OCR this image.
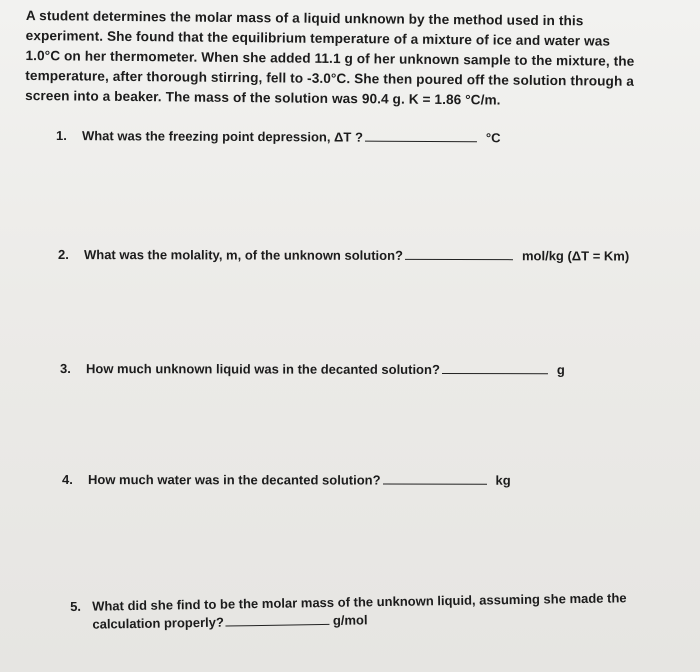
A student determines the molar mass of a liquid unknown by the method used in this
experiment. She found that the equilibrium temperature of a mixture of ice and water was
1.0°C on her thermometer. When she added 11.1 g of her unknown sample to the mixture, the
temperature, after thorough stirring, fell to -3.0°C. She then poured off the solution through a
screen into a beaker. The mass of the solution was 90.4 g. K = 1.86 °C/m.
1. What was the freezing point depression, ΔT ?	°C
2. What was the molality, m, of the unknown solution?	mol/kg (ΔT = Km)
3. How much unknown liquid was in the decanted solution?	g
4. How much water was in the decanted solution?	kg
5. What did she find to be the molar mass of the unknown liquid, assuming she made the
calculation properly?	g/mol
